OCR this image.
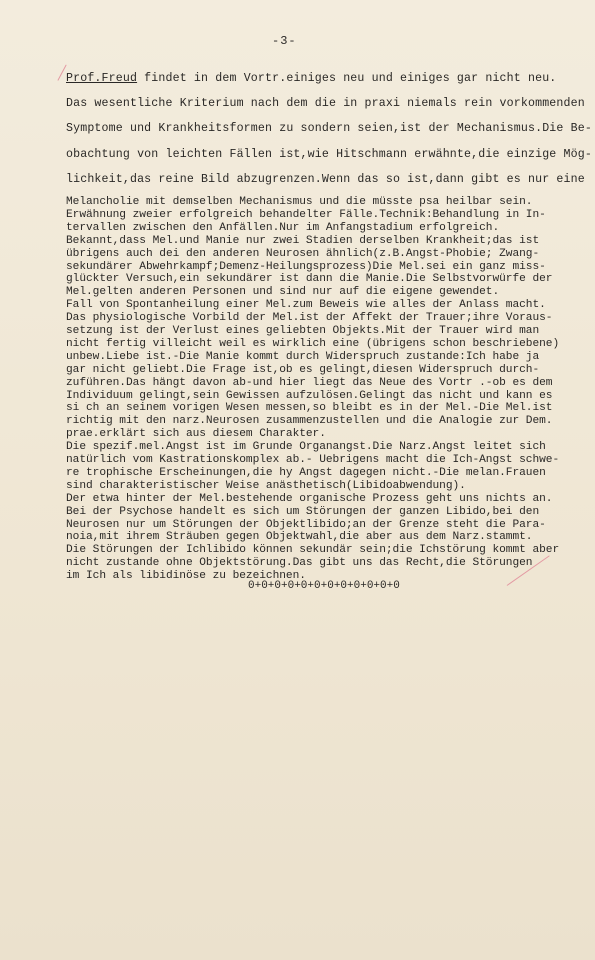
-3-
Prof.Freud findet in dem Vortr.einiges neu und einiges gar nicht neu.
Das wesentliche Kriterium nach dem die in praxi niemals rein vorkommenden
Symptome und Krankheitsformen zu sondern seien,ist der Mechanismus.Die Be-
obachtung von leichten Fällen ist,wie Hitschmann erwähnte,die einzige Mög-
lichkeit,das reine Bild abzugrenzen.Wenn das so ist,dann gibt es nur eine
Melancholie mit demselben Mechanismus und die müsste psa heilbar sein.
Erwähnung zweier erfolgreich behandelter Fälle.Technik:Behandlung in In-
tervallen zwischen den Anfällen.Nur im Anfangstadium erfolgreich.
Bekannt,dass Mel.und Manie nur zwei Stadien derselben Krankheit;das ist
übrigens auch dei den anderen Neurosen ähnlich(z.B.Angst-Phobie; Zwang-
sekundärer Abwehrkampf;Demenz-Heilungsprozess)Die Mel.sei ein ganz miss-
glückter Versuch,ein sekundärer ist dann die Manie.Die Selbstvorwürfe der
Mel.gelten anderen Personen und sind nur auf die eigene gewendet.
Fall von Spontanheilung einer Mel.zum Beweis wie alles der Anlass macht.
Das physiologische Vorbild der Mel.ist der Affekt der Trauer;ihre Voraus-
setzung ist der Verlust eines geliebten Objekts.Mit der Trauer wird man
nicht fertig villeicht weil es wirklich eine (übrigens schon beschriebene)
unbew.Liebe ist.-Die Manie kommt durch Widerspruch zustande:Ich habe ja
gar nicht geliebt.Die Frage ist,ob es gelingt,diesen Widerspruch durch-
zuführen.Das hängt davon ab-und hier liegt das Neue des Vortr .-ob es dem
Individuum gelingt,sein Gewissen aufzulösen.Gelingt das nicht und kann es
si ch an seinem vorigen Wesen messen,so bleibt es in der Mel.-Die Mel.ist
richtig mit den narz.Neurosen zusammenzustellen und die Analogie zur Dem.
praе.erklärt sich aus diesem Charakter.
Die spezif.mel.Angst ist im Grunde Organangst.Die Narz.Angst leitet sich
natürlich vom Kastrationskomplex ab.- Uebrigens macht die Ich-Angst schwe-
re trophische Erscheinungen,die hy Angst dagegen nicht.-Die melan.Frauen
sind charakteristischer Weise anästhetisch(Libidoabwendung).
Der etwa hinter der Mel.bestehende organische Prozess geht uns nichts an.
Bei der Psychose handelt es sich um Störungen der ganzen Libido,bei den
Neurosen nur um Störungen der Objektlibido;an der Grenze steht die Para-
noia,mit ihrem Sträuben gegen Objektwahl,die aber aus dem Narz.stammt.
Die Störungen der Ichlibido können sekundär sein;die Ichstörung kommt aber
nicht zustande ohne Objektstörung.Das gibt uns das Recht,die Störungen
im Ich als libidinöse zu bezeichnen.
0+0+0+0+0+0+0+0+0+0+0+0
